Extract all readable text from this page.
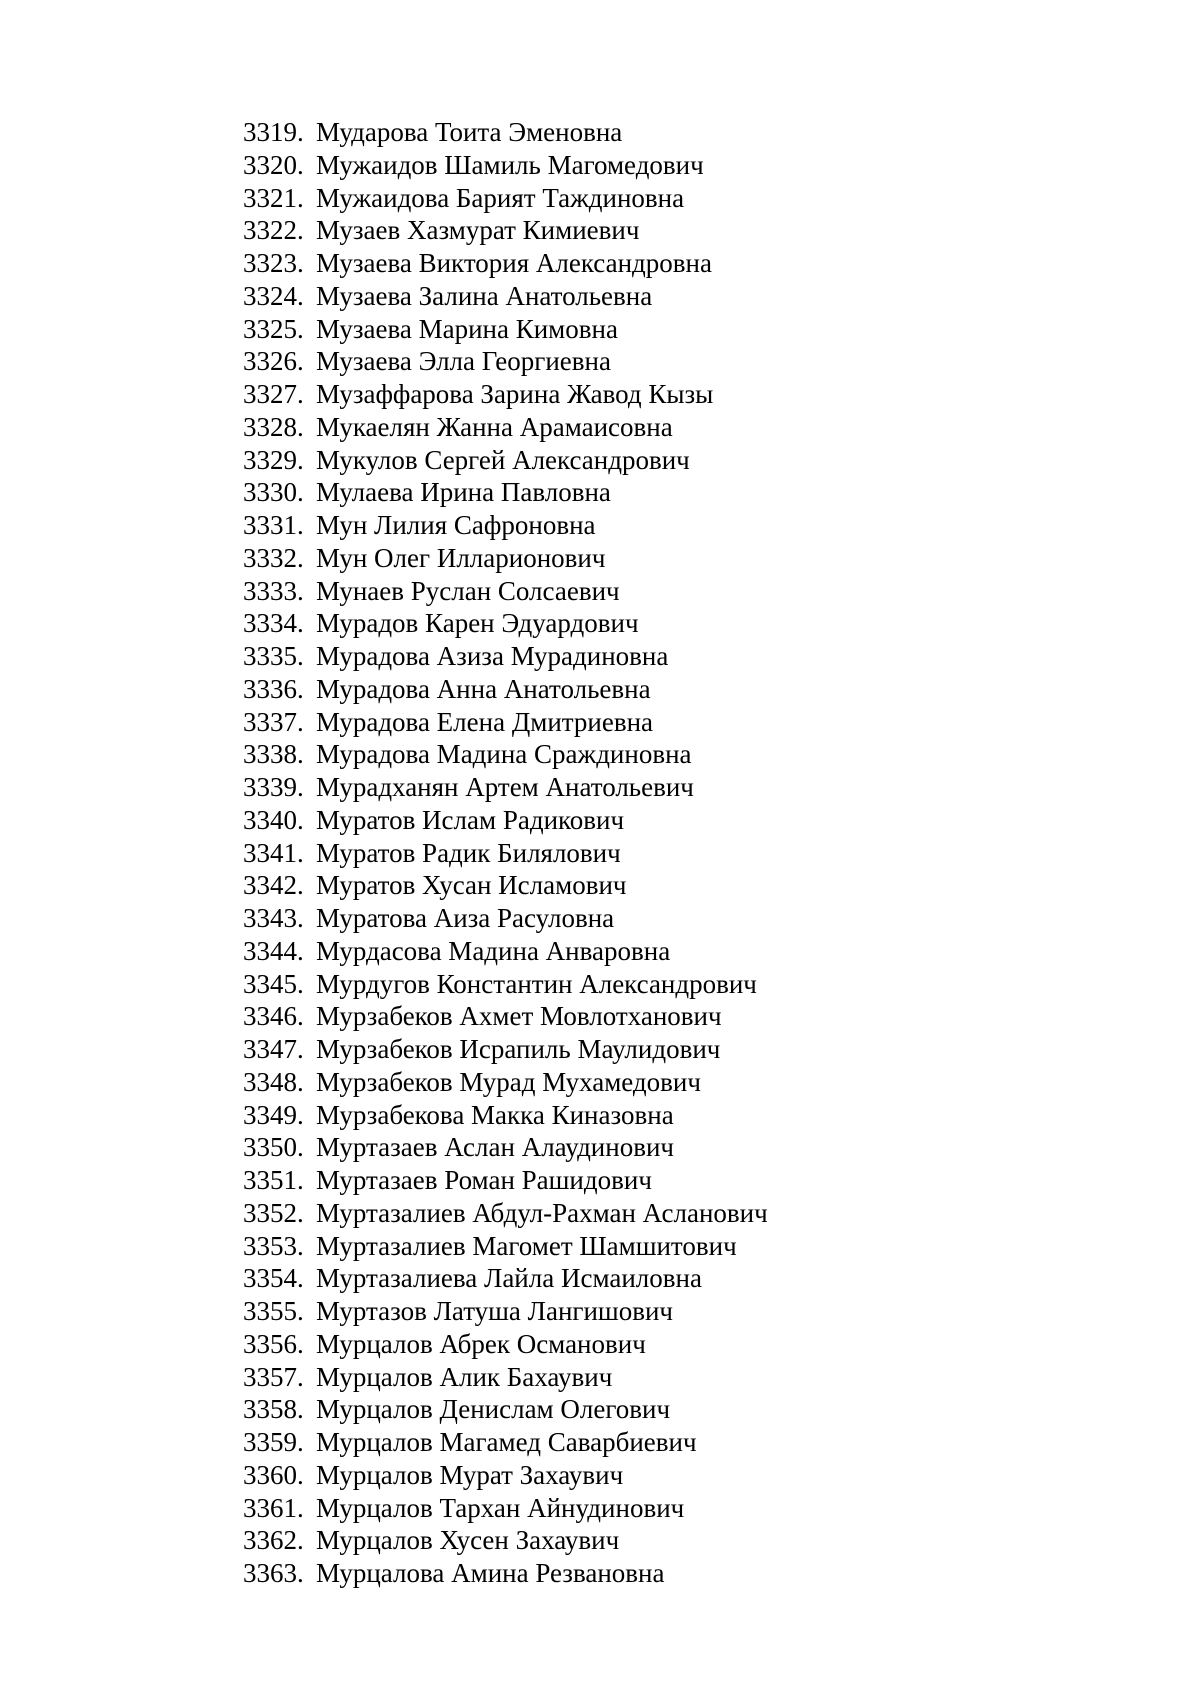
3319. Мударова Тоита Эменовна
3320. Мужаидов Шамиль Магомедович
3321. Мужаидова Барият Таждиновна
3322. Музаев Хазмурат Кимиевич
3323. Музаева Виктория Александровна
3324. Музаева Залина Анатольевна
3325. Музаева Марина Кимовна
3326. Музаева Элла Георгиевна
3327. Музаффарова Зарина Жавод Кызы
3328. Мукаелян Жанна Арамаисовна
3329. Мукулов Сергей Александрович
3330. Мулаева Ирина Павловна
3331. Мун Лилия Сафроновна
3332. Мун Олег Илларионович
3333. Мунаев Руслан Солсаевич
3334. Мурадов Карен Эдуардович
3335. Мурадова Азиза Мурадиновна
3336. Мурадова Анна Анатольевна
3337. Мурадова Елена Дмитриевна
3338. Мурадова Мадина Сраждиновна
3339. Мурадханян Артем Анатольевич
3340. Муратов Ислам Радикович
3341. Муратов Радик Билялович
3342. Муратов Хусан Исламович
3343. Муратова Аиза Расуловна
3344. Мурдасова Мадина Анваровна
3345. Мурдугов Константин Александрович
3346. Мурзабеков Ахмет Мовлотханович
3347. Мурзабеков Исрапиль Маулидович
3348. Мурзабеков Мурад Мухамедович
3349. Мурзабекова Макка Киназовна
3350. Муртазаев Аслан Алаудинович
3351. Муртазаев Роман Рашидович
3352. Муртазалиев Абдул-Рахман Асланович
3353. Муртазалиев Магомет Шамшитович
3354. Муртазалиева Лайла Исмаиловна
3355. Муртазов Латуша Лангишович
3356. Мурцалов Абрек Османович
3357. Мурцалов Алик Бахаувич
3358. Мурцалов Денислам Олегович
3359. Мурцалов Магамед Саварбиевич
3360. Мурцалов Мурат Захаувич
3361. Мурцалов Тархан Айнудинович
3362. Мурцалов Хусен Захаувич
3363. Мурцалова Амина Резвановна
